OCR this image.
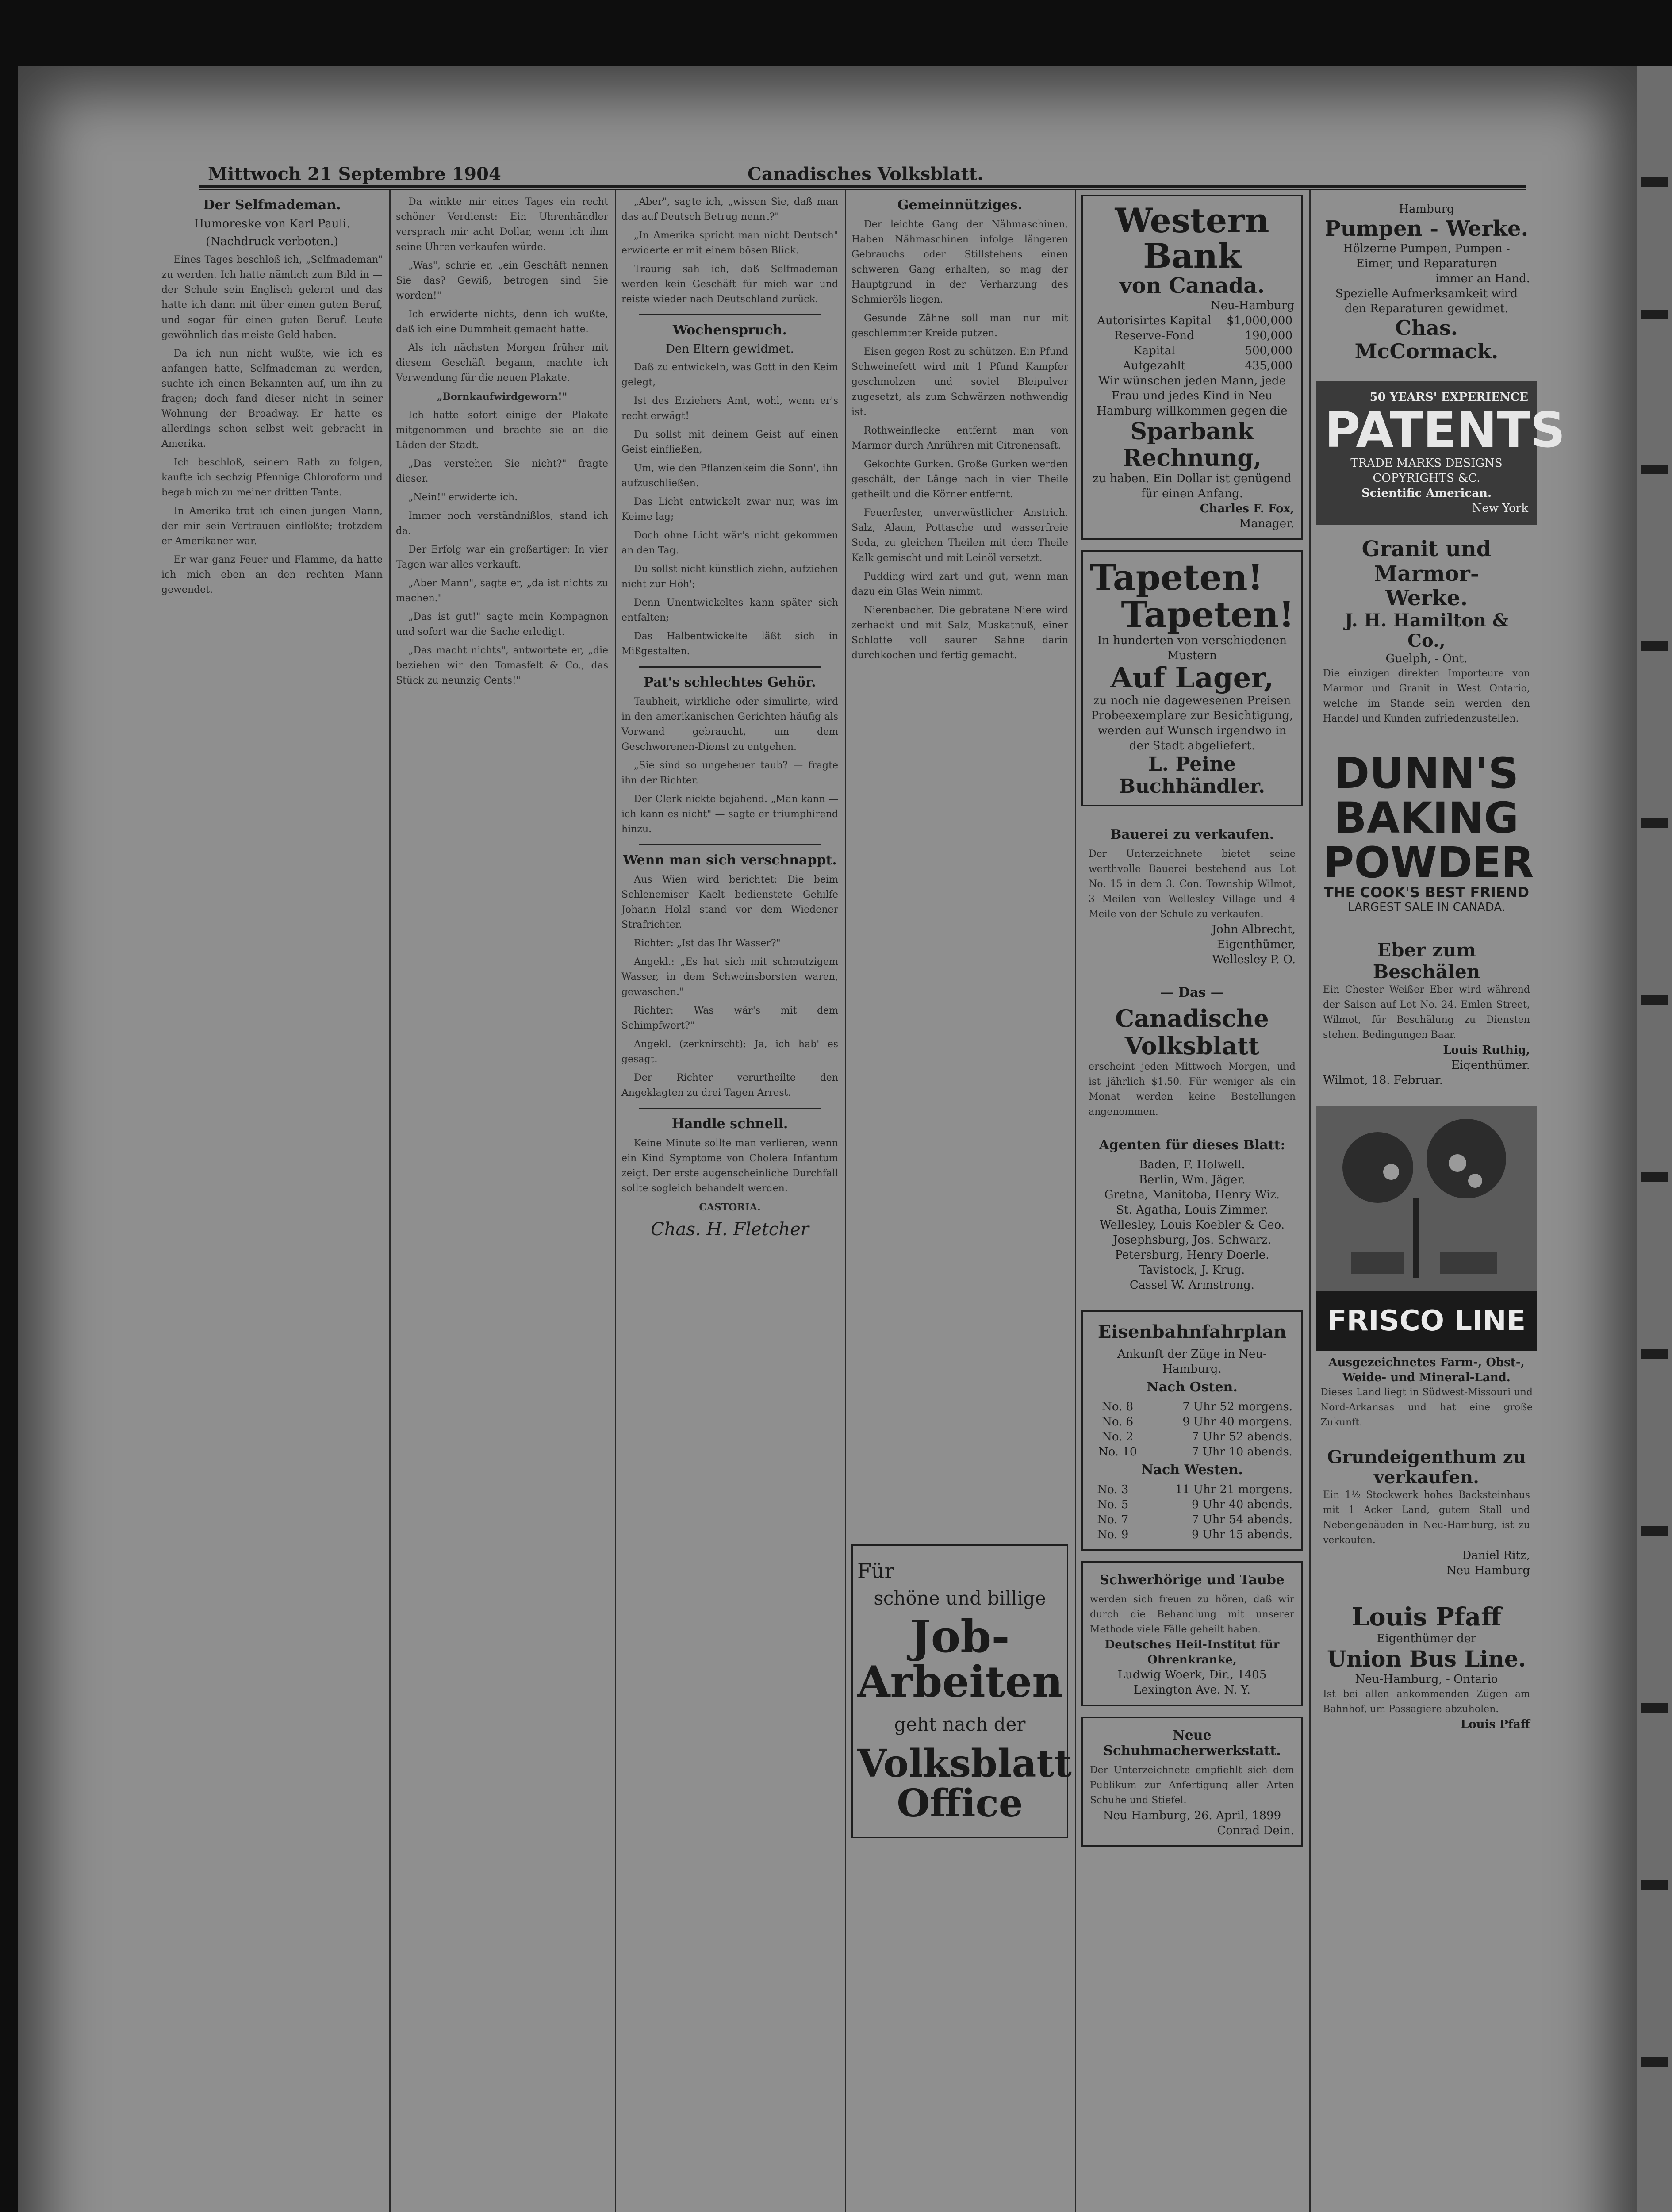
Mittwoch 21 Septembre 1904	Canadisches Volksblatt.
Der Selfmademan.
Humoreske von Karl Pauli.
(Nachdruck verboten.)

Eines Tages beschloß ich, „Selfmademan" zu werden. Ich hatte nämlich zum Bild in — der Schule sein Englisch gelernt und das hatte ich dann mit über einen guten Beruf, und sogar für einen guten Beruf. Leute gewöhnlich das meiste Geld haben.

Da ich nun nicht wußte, wie ich es anfangen hatte, Selfmademan zu werden, suchte ich einen Bekannten auf, um ihn zu fragen; doch fand dieser nicht in seiner Wohnung der Broadway. Er hatte es allerdings schon selbst weit gebracht in Amerika.

Ich beschloß, seinem Rath zu folgen, kaufte ich sechzig Pfennige Chloroform und begab mich zu meiner dritten Tante.

In Amerika trat ich einen jungen Mann, der mir sein Vertrauen einflößte; trotzdem er Amerikaner war.

Er war ganz Feuer und Flamme, da hatte ich mich eben an den rechten Mann gewendet.

Da winkte mir eines Tages ein recht schöner Verdienst: Ein Uhrenhändler versprach mir acht Dollar, wenn ich ihm seine Uhren verkaufen würde.

„Was", schrie er, „ein Geschäft nennen Sie das? Gewiß, betrogen sind Sie worden!"

Ich erwiderte nichts, denn ich wußte, daß ich eine Dummheit gemacht hatte.

Als ich nächsten Morgen früher mit diesem Geschäft begann, machte ich Verwendung für die neuen Plakate.

„Bornkaufwirdgeworn!"

Ich hatte sofort einige der Plakate mitgenommen und brachte sie an die Läden der Stadt.

„Das verstehen Sie nicht?" fragte dieser.

„Nein!" erwiderte ich.

Immer noch verständnißlos, stand ich da.

Der Erfolg war ein großartiger: In vier Tagen war alles verkauft.

„Aber Mann", sagte er, „da ist nichts zu machen."

„Das ist gut!" sagte mein Kompagnon und sofort war die Sache erledigt.

„Das macht nichts", antwortete er, „die beziehen wir den Tomasfelt & Co., das Stück zu neunzig Cents!"

„Aber", sagte ich, „wissen Sie, daß man das auf Deutsch Betrug nennt?"

„In Amerika spricht man nicht Deutsch" erwiderte er mit einem bösen Blick.

Traurig sah ich, daß Selfmademan werden kein Geschäft für mich war und reiste wieder nach Deutschland zurück.

Wochenspruch.
Den Eltern gewidmet.

Daß zu entwickeln, was Gott in den Keim gelegt,

Ist des Erziehers Amt, wohl, wenn er's recht erwägt!

Du sollst mit deinem Geist auf einen Geist einfließen,

Um, wie den Pflanzenkeim die Sonn', ihn aufzuschließen.

Das Licht entwickelt zwar nur, was im Keime lag;

Doch ohne Licht wär's nicht gekommen an den Tag.

Du sollst nicht künstlich ziehn, aufziehen nicht zur Höh';

Denn Unentwickeltes kann später sich entfalten;

Das Halbentwickelte läßt sich in Mißgestalten.

Pat's schlechtes Gehör.

Taubheit, wirkliche oder simulirte, wird in den amerikanischen Gerichten häufig als Vorwand gebraucht, um dem Geschworenen-Dienst zu entgehen.

„Sie sind so ungeheuer taub? — fragte ihn der Richter.

Der Clerk nickte bejahend. „Man kann — ich kann es nicht" — sagte er triumphirend hinzu.

Wenn man sich verschnappt.

Aus Wien wird berichtet: Die beim Schlenemiser Kaelt bedienstete Gehilfe Johann Holzl stand vor dem Wiedener Strafrichter.

Richter: „Ist das Ihr Wasser?"

Angekl.: „Es hat sich mit schmutzigem Wasser, in dem Schweinsborsten waren, gewaschen."

Richter: Was wär's mit dem Schimpfwort?"

Angekl. (zerknirscht): Ja, ich hab' es gesagt.

Der Richter verurtheilte den Angeklagten zu drei Tagen Arrest.

Handle schnell.

Keine Minute sollte man verlieren, wenn ein Kind Symptome von Cholera Infantum zeigt. Der erste augenscheinliche Durchfall sollte sogleich behandelt werden.

CASTORIA.

Chas. H. Fletcher
Gemeinnütziges.

Der leichte Gang der Nähmaschinen. Haben Nähmaschinen infolge längeren Gebrauchs oder Stillstehens einen schweren Gang erhalten, so mag der Hauptgrund in der Verharzung des Schmieröls liegen.

Gesunde Zähne soll man nur mit geschlemmter Kreide putzen.

Eisen gegen Rost zu schützen. Ein Pfund Schweinefett wird mit 1 Pfund Kampfer geschmolzen und soviel Bleipulver zugesetzt, als zum Schwärzen nothwendig ist.

Rothweinflecke entfernt man von Marmor durch Anrühren mit Citronensaft.

Gekochte Gurken. Große Gurken werden geschält, der Länge nach in vier Theile getheilt und die Körner entfernt.

Feuerfester, unverwüstlicher Anstrich. Salz, Alaun, Pottasche und wasserfreie Soda, zu gleichen Theilen mit dem Theile Kalk gemischt und mit Leinöl versetzt.

Pudding wird zart und gut, wenn man dazu ein Glas Wein nimmt.

Nierenbacher. Die gebratene Niere wird zerhackt und mit Salz, Muskatnuß, einer Schlotte voll saurer Sahne darin durchkochen und fertig gemacht.

Für
schöne und billige
Job-
Arbeiten
geht nach der
Volksblatt
Office
Western Bank
von Canada.
Neu-Hamburg
Autorisirtes Kapital	$1,000,000
Reserve-Fond	190,000
Kapital	500,000
Aufgezahlt	435,000
Wir wünschen jeden Mann, jede Frau und jedes Kind in Neu Hamburg willkommen gegen die
Sparbank Rechnung,
zu haben. Ein Dollar ist genügend für einen Anfang.
Charles F. Fox,
Manager.
Tapeten!
Tapeten!
In hunderten von verschiedenen Mustern
Auf Lager,
zu noch nie dagewesenen Preisen Probeexemplare zur Besichtigung, werden auf Wunsch irgendwo in der Stadt abgeliefert.
L. Peine Buchhändler.
Bauerei zu verkaufen.
Der Unterzeichnete bietet seine werthvolle Bauerei bestehend aus Lot No. 15 in dem 3. Con. Township Wilmot, 3 Meilen von Wellesley Village und 4 Meile von der Schule zu verkaufen.
John Albrecht,
Eigenthümer,
Wellesley P. O.
— Das —
Canadische Volksblatt
erscheint jeden Mittwoch Morgen, und ist jährlich $1.50. Für weniger als ein Monat werden keine Bestellungen angenommen.
Agenten für dieses Blatt:
Baden, F. Holwell.
Berlin, Wm. Jäger.
Gretna, Manitoba, Henry Wiz.
St. Agatha, Louis Zimmer.
Wellesley, Louis Koebler & Geo.
Josephsburg, Jos. Schwarz.
Petersburg, Henry Doerle.
Tavistock, J. Krug.
Cassel W. Armstrong.
Eisenbahnfahrplan
Ankunft der Züge in Neu-Hamburg.
Nach Osten.
No. 8	7 Uhr 52 morgens.
No. 6	9 Uhr 40 morgens.
No. 2	7 Uhr 52 abends.
No. 10	7 Uhr 10 abends.
Nach Westen.
No. 3	11 Uhr 21 morgens.
No. 5	9 Uhr 40 abends.
No. 7	7 Uhr 54 abends.
No. 9	9 Uhr 15 abends.
Schwerhörige und Taube
werden sich freuen zu hören, daß wir durch die Behandlung mit unserer Methode viele Fälle geheilt haben.
Deutsches Heil-Institut für Ohrenkranke,
Ludwig Woerk, Dir., 1405 Lexington Ave. N. Y.
Neue Schuhmacherwerkstatt.
Der Unterzeichnete empfiehlt sich dem Publikum zur Anfertigung aller Arten Schuhe und Stiefel.
Neu-Hamburg, 26. April, 1899
Conrad Dein.
Hamburg
Pumpen - Werke.
Hölzerne Pumpen, Pumpen - Eimer, und Reparaturen
immer an Hand.
Spezielle Aufmerksamkeit wird den Reparaturen gewidmet.
Chas. McCormack.
50 YEARS' EXPERIENCE
PATENTS
TRADE MARKS DESIGNS COPYRIGHTS &C.
Scientific American.
New York
Granit und Marmor-
Werke.
J. H. Hamilton & Co.,
Guelph, - Ont.
Die einzigen direkten Importeure von Marmor und Granit in West Ontario, welche im Stande sein werden den Handel und Kunden zufriedenzustellen.
DUNN'S
BAKING
POWDER
THE COOK'S BEST FRIEND
LARGEST SALE IN CANADA.
Eber zum Beschälen
Ein Chester Weißer Eber wird während der Saison auf Lot No. 24. Emlen Street, Wilmot, für Beschälung zu Diensten stehen. Bedingungen Baar.
Louis Ruthig,
Eigenthümer.
Wilmot, 18. Februar.
FRISCO LINE
Ausgezeichnetes Farm-, Obst-, Weide- und Mineral-Land.
Dieses Land liegt in Südwest-Missouri und Nord-Arkansas und hat eine große Zukunft.
Grundeigenthum zu verkaufen.
Ein 1½ Stockwerk hohes Backsteinhaus mit 1 Acker Land, gutem Stall und Nebengebäuden in Neu-Hamburg, ist zu verkaufen.
Daniel Ritz,
Neu-Hamburg
Louis Pfaff
Eigenthümer der
Union Bus Line.
Neu-Hamburg, - Ontario
Ist bei allen ankommenden Zügen am Bahnhof, um Passagiere abzuholen.
Louis Pfaff
